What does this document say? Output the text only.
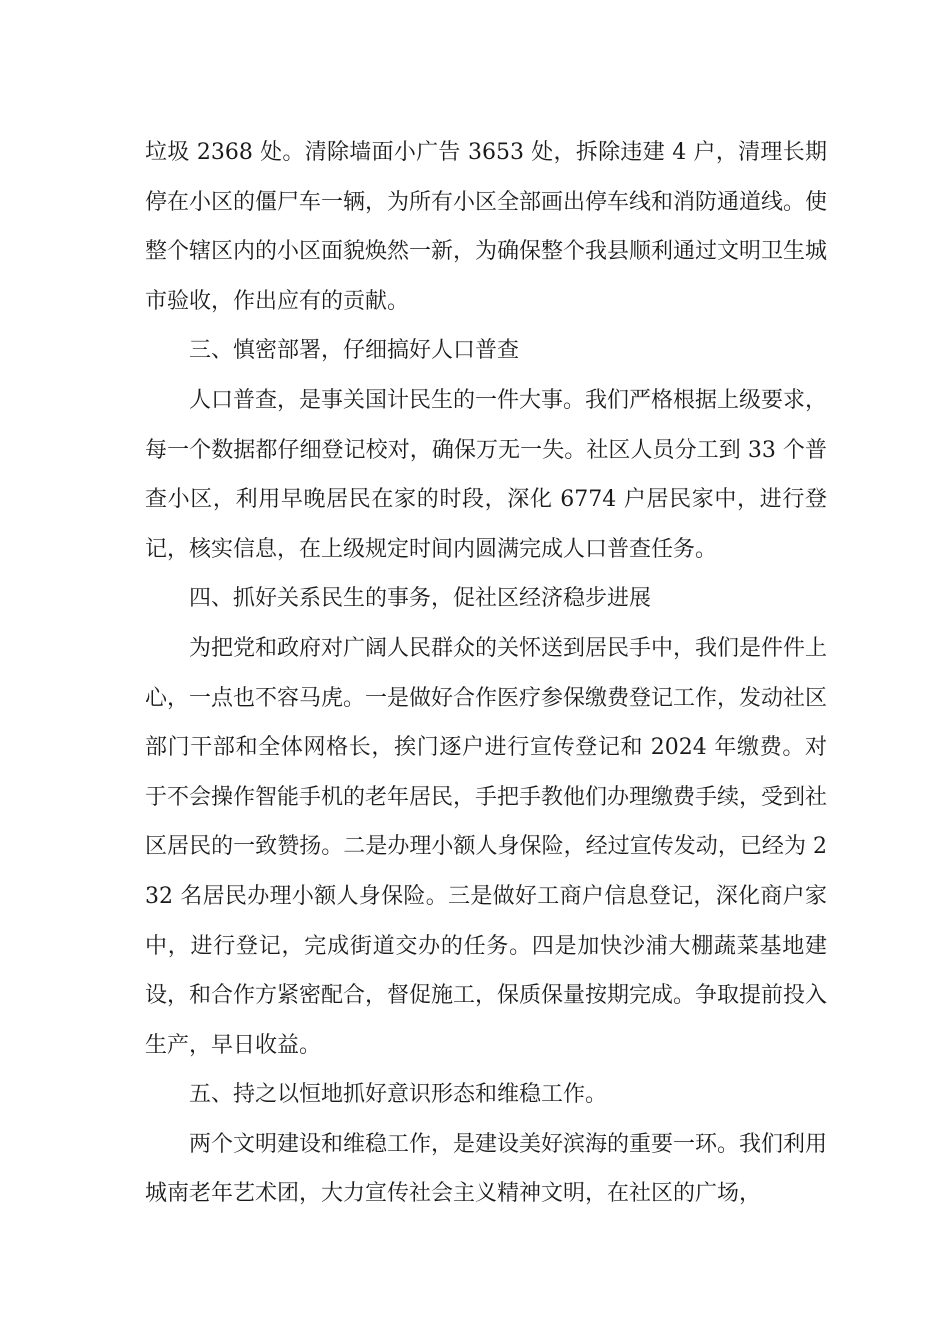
垃圾 2368 处。清除墙面小广告 3653 处，拆除违建 4 户，清理长期停在小区的僵尸车一辆，为所有小区全部画出停车线和消防通道线。使整个辖区内的小区面貌焕然一新，为确保整个我县顺利通过文明卫生城市验收，作出应有的贡献。

三、慎密部署，仔细搞好人口普查

人口普查，是事关国计民生的一件大事。我们严格根据上级要求，每一个数据都仔细登记校对，确保万无一失。社区人员分工到 33 个普查小区，利用早晚居民在家的时段，深化 6774 户居民家中，进行登记，核实信息，在上级规定时间内圆满完成人口普查任务。

四、抓好关系民生的事务，促社区经济稳步进展

为把党和政府对广阔人民群众的关怀送到居民手中，我们是件件上心，一点也不容马虎。一是做好合作医疗参保缴费登记工作，发动社区部门干部和全体网格长，挨门逐户进行宣传登记和 2024 年缴费。对于不会操作智能手机的老年居民，手把手教他们办理缴费手续，受到社区居民的一致赞扬。二是办理小额人身保险，经过宣传发动，已经为 232 名居民办理小额人身保险。三是做好工商户信息登记，深化商户家中，进行登记，完成街道交办的任务。四是加快沙浦大棚蔬菜基地建设，和合作方紧密配合，督促施工，保质保量按期完成。争取提前投入生产，早日收益。

五、持之以恒地抓好意识形态和维稳工作。

两个文明建设和维稳工作，是建设美好滨海的重要一环。我们利用城南老年艺术团，大力宣传社会主义精神文明，在社区的广场，
